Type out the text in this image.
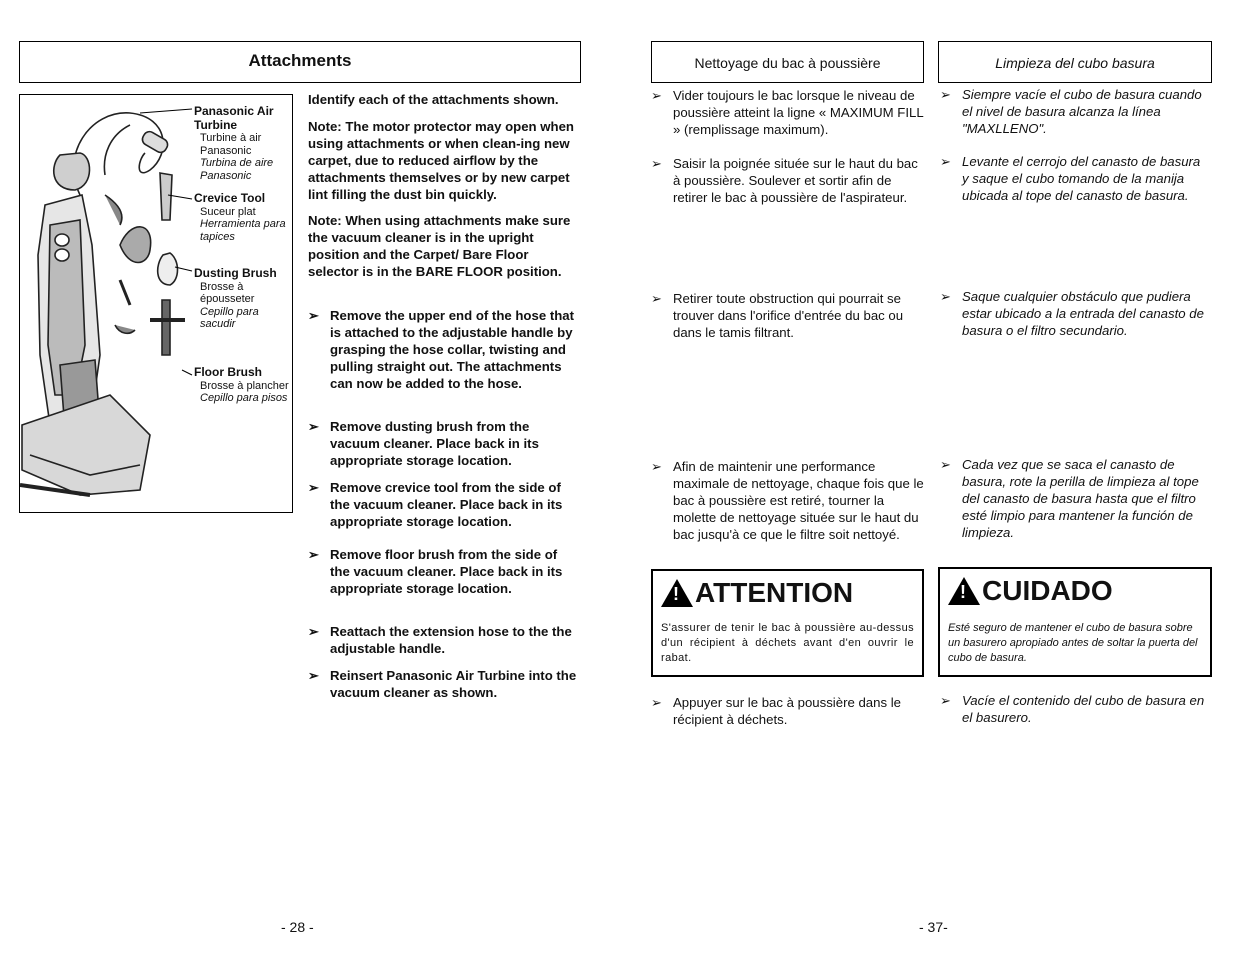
Attachments
Panasonic Air Turbine
Turbine à air Panasonic
Turbina de aire Panasonic
Crevice Tool
Suceur plat
Herramienta para tapices
Dusting Brush
Brosse à épousseter
Cepillo para sacudir
Floor Brush
Brosse à plancher
Cepillo para pisos
Identify each of the attachments shown.
Note: The motor protector may open when using attachments or when clean-ing new carpet, due to reduced airflow by the attachments themselves or by new carpet lint filling the dust bin quickly.
Note: When using attachments make sure the vacuum cleaner is in the upright position and the Carpet/ Bare Floor selector is in the BARE FLOOR position.
➢ Remove the upper end of the hose that is attached to the adjustable handle by grasping the hose collar, twisting and pulling straight out. The attachments can now be added to the hose.
➢ Remove dusting brush from the vacuum cleaner. Place back in its appropriate storage location.
➢ Remove crevice tool from the side of the vacuum cleaner. Place back in its appropriate storage location.
➢ Remove floor brush from the side of the vacuum cleaner. Place back in its appropriate storage location.
➢ Reattach the extension hose to the the adjustable handle.
➢ Reinsert Panasonic Air Turbine into the vacuum cleaner as shown.
- 28 -
Nettoyage du bac à poussière	Limpieza del cubo basura
➢ Vider toujours le bac lorsque le niveau de poussière atteint la ligne « MAXIMUM FILL » (remplissage maximum).
➢ Saisir la poignée située sur le haut du bac à poussière. Soulever et sortir afin de retirer le bac à poussière de l'aspirateur.
➢ Retirer toute obstruction qui pourrait se trouver dans l'orifice d'entrée du bac ou dans le tamis filtrant.
➢ Afin de maintenir une performance maximale de nettoyage, chaque fois que le bac à poussière est retiré, tourner la molette de nettoyage située sur le haut du bac jusqu'à ce que le filtre soit nettoyé.
➢ Appuyer sur le bac à poussière dans le récipient à déchets.
➢ Siempre vacíe el cubo de basura cuando el nivel de basura alcanza la línea "MAXLLENO".
➢ Levante el cerrojo del canasto de basura y saque el cubo tomando de la manija ubicada al tope del canasto de basura.
➢ Saque cualquier obstáculo que pudiera estar ubicado a la entrada del canasto de basura o el filtro secundario.
➢ Cada vez que se saca el canasto de basura, rote la perilla de limpieza al tope del canasto de basura hasta que el filtro esté limpio para mantener la función de limpieza.
➢ Vacíe el contenido del cubo de basura en el basurero.
!
ATTENTION
S'assurer de tenir le bac à poussière au-dessus d'un récipient à déchets avant d'en ouvrir le rabat.
!
CUIDADO
Esté seguro de mantener el cubo de basura sobre un basurero apropiado antes de soltar la puerta del cubo de basura.
- 37-
